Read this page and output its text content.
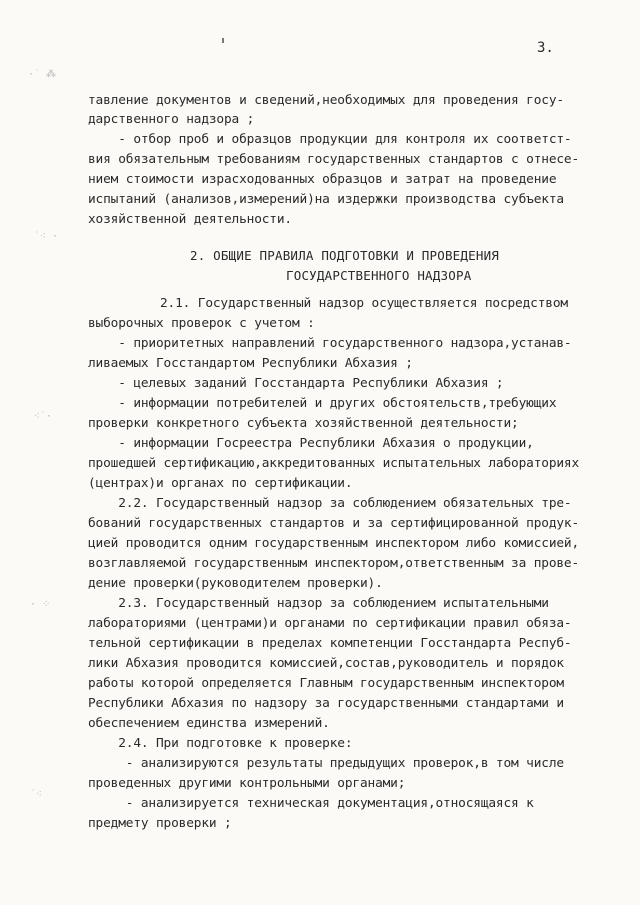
3.
тавление документов и сведений,необходимых для проведения госу-
дарственного надзора ;
- отбор проб и образцов продукции для контроля их соответст-
вия обязательным требованиям государственных стандартов с отнесе-
нием стоимости израсходованных образцов и затрат на проведение
испытаний (анализов,измерений)на издержки производства субъекта
хозяйственной деятельности.
2. ОБЩИЕ ПРАВИЛА ПОДГОТОВКИ И ПРОВЕДЕНИЯ
ГОСУДАРСТВЕННОГО НАДЗОРА
2.1. Государственный надзор осуществляется посредством
выборочных проверок с учетом :
- приоритетных направлений государственного надзора,устанав-
ливаемых Госстандартом Республики Абхазия ;
- целевых заданий Госстандарта Республики Абхазия ;
- информации потребителей и других обстоятельств,требующих
проверки конкретного субъекта хозяйственной деятельности;
- информации Госреестра Республики Абхазия о продукции,
прошедшей сертификацию,аккредитованных испытательных лабораториях
(центрах)и органах по сертификации.
2.2. Государственный надзор за соблюдением обязательных тре-
бований государственных стандартов и за сертифицированной продук-
цией проводится одним государственным инспектором либо комиссией,
возглавляемой государственным инспектором,ответственным за прове-
дение проверки(руководителем проверки).
2.3. Государственный надзор за соблюдением испытательными
лабораториями (центрами)и органами по сертификации правил обяза-
тельной сертификации в пределах компетенции Госстандарта Респуб-
лики Абхазия проводится комиссией,состав,руководитель и порядок
работы которой определяется Главным государственным инспектором
Республики Абхазия по надзору за государственными стандартами и
обеспечением единства измерений.
2.4. При подготовке к проверке:
- анализируются результаты предыдущих проверок,в том числе
проведенных другими контрольными органами;
- анализируется техническая документация,относящаяся к
предмету проверки ;
·˙ ⁂
˙⁖ ·
⁖˙·
· ⁘
˙⁖
